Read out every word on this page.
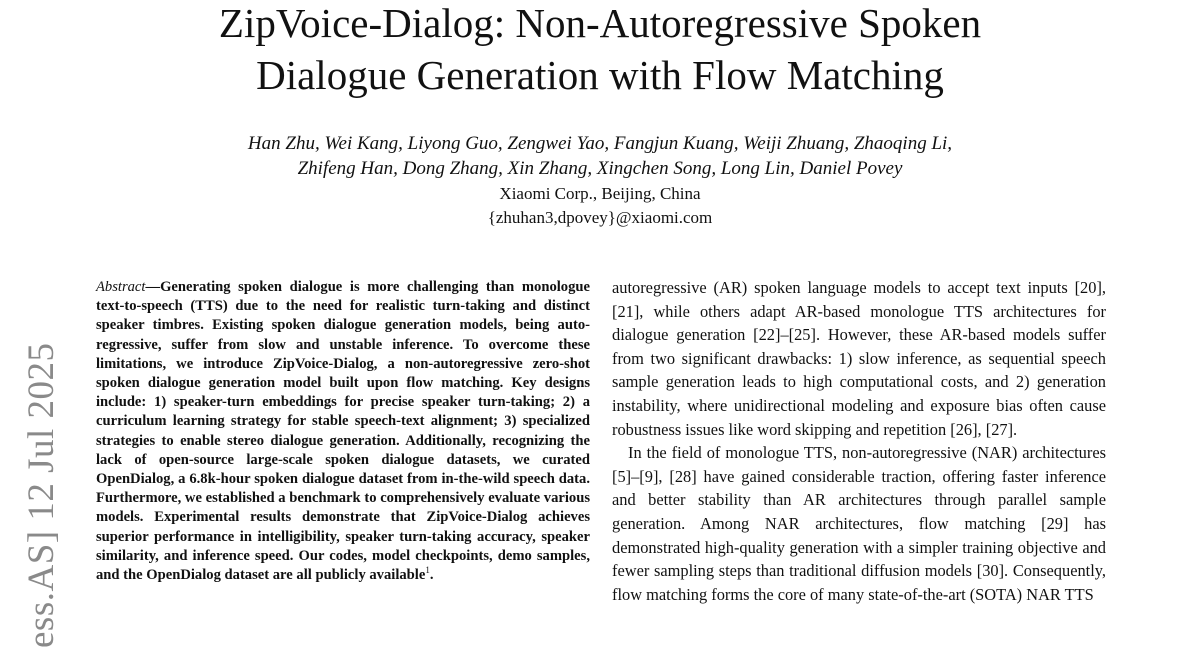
ZipVoice-Dialog: Non-Autoregressive Spoken
Dialogue Generation with Flow Matching
Han Zhu, Wei Kang, Liyong Guo, Zengwei Yao, Fangjun Kuang, Weiji Zhuang, Zhaoqing Li,
Zhifeng Han, Dong Zhang, Xin Zhang, Xingchen Song, Long Lin, Daniel Povey
Xiaomi Corp., Beijing, China
{zhuhan3,dpovey}@xiaomi.com
ess.AS] 12 Jul 2025

Abstract—Generating spoken dialogue is more challenging than monologue text-to-speech (TTS) due to the need for realistic turn-taking and distinct speaker timbres. Existing spoken dialogue generation models, being auto-regressive, suffer from slow and unstable inference. To overcome these limitations, we introduce ZipVoice-Dialog, a non-autoregressive zero-shot spoken dialogue generation model built upon flow matching. Key designs include: 1) speaker-turn embeddings for precise speaker turn-taking; 2) a curriculum learning strategy for stable speech-text alignment; 3) specialized strategies to enable stereo dialogue generation. Additionally, recognizing the lack of open-source large-scale spoken dialogue datasets, we curated OpenDialog, a 6.8k-hour spoken dialogue dataset from in-the-wild speech data. Furthermore, we established a benchmark to comprehensively evaluate various models. Experimental results demonstrate that ZipVoice-Dialog achieves superior performance in intelligibility, speaker turn-taking accuracy, speaker similarity, and inference speed. Our codes, model checkpoints, demo samples, and the OpenDialog dataset are all publicly available$^1$.

autoregressive (AR) spoken language models to accept text inputs [20], [21], while others adapt AR-based monologue TTS architectures for dialogue generation [22]–[25]. However, these AR-based models suffer from two significant drawbacks: 1) slow inference, as sequential speech sample generation leads to high computational costs, and 2) generation instability, where unidirectional modeling and exposure bias often cause robustness issues like word skipping and repetition [26], [27].

In the field of monologue TTS, non-autoregressive (NAR) architectures [5]–[9], [28] have gained considerable traction, offering faster inference and better stability than AR architectures through parallel sample generation. Among NAR architectures, flow matching [29] has demonstrated high-quality generation with a simpler training objective and fewer sampling steps than traditional diffusion models [30]. Consequently, flow matching forms the core of many state-of-the-art (SOTA) NAR TTS
